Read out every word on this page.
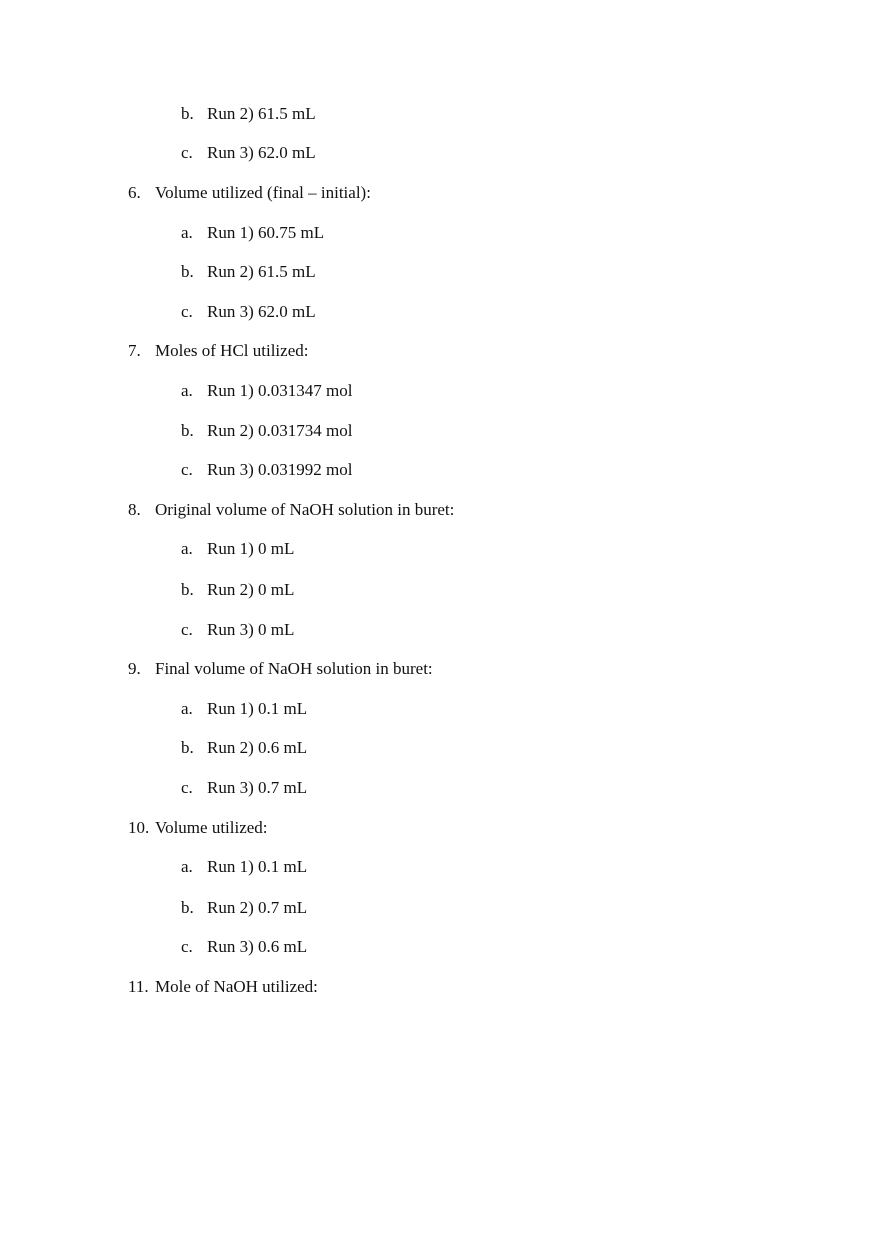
b. Run 2) 61.5 mL
c. Run 3) 62.0 mL
6. Volume utilized (final – initial):
a. Run 1) 60.75 mL
b. Run 2) 61.5 mL
c. Run 3) 62.0 mL
7. Moles of HCl utilized:
a. Run 1) 0.031347 mol
b. Run 2) 0.031734 mol
c. Run 3) 0.031992 mol
8. Original volume of NaOH solution in buret:
a. Run 1) 0 mL
b. Run 2) 0 mL
c. Run 3) 0 mL
9. Final volume of NaOH solution in buret:
a. Run 1) 0.1 mL
b. Run 2) 0.6 mL
c. Run 3) 0.7 mL
10. Volume utilized:
a. Run 1) 0.1 mL
b. Run 2) 0.7 mL
c. Run 3) 0.6 mL
11. Mole of NaOH utilized:
